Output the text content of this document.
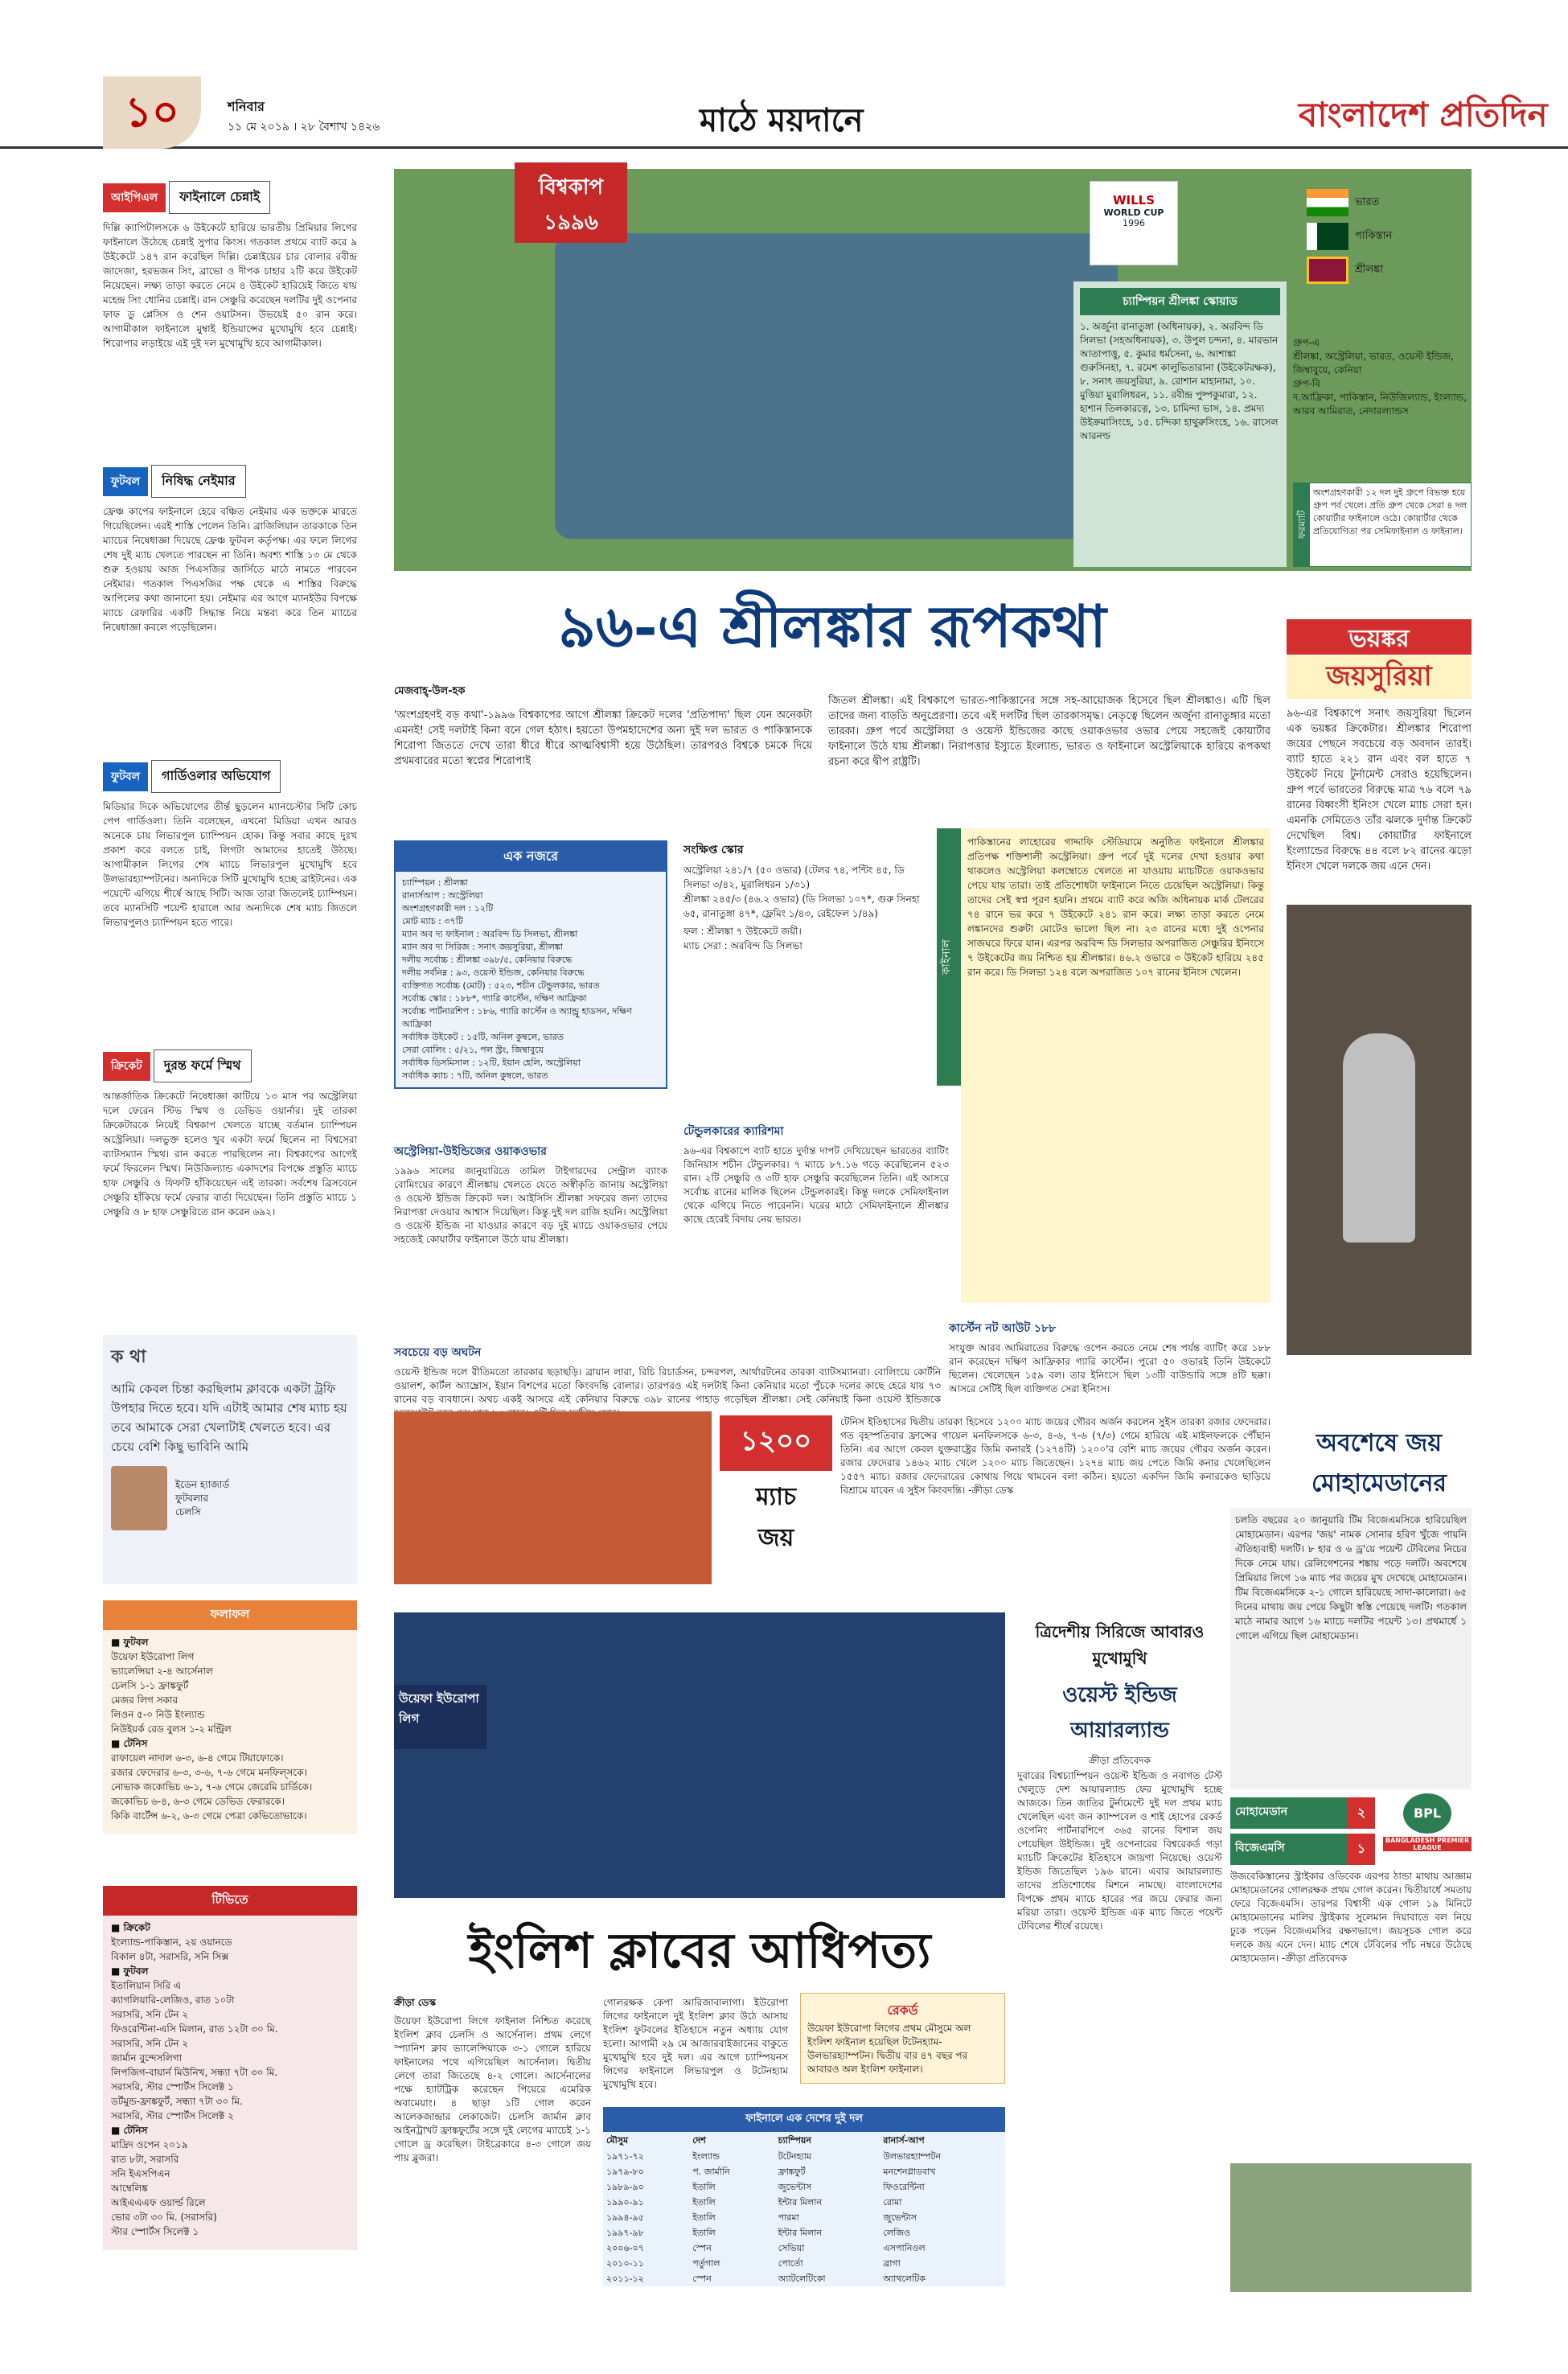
১০	শনিবার
১১ মে ২০১৯ । ২৮ বৈশাখ ১৪২৬	মাঠে ময়দানে	বাংলাদেশ প্রতিদিন
আইপিএল ফাইনালে চেন্নাই
দিল্লি ক্যাপিটালসকে ৬ উইকেটে হারিয়ে ভারতীয় প্রিমিয়ার লিগের ফাইনালে উঠেছে চেন্নাই সুপার কিংস। গতকাল প্রথমে ব্যাট করে ৯ উইকেটে ১৪৭ রান করেছিল দিল্লি। চেন্নাইয়ের চার বোলার রবীন্দ্র জাদেজা, হরভজন সিং, ব্রাভো ও দীপক চাহার ২টি করে উইকেট নিয়েছেন। লক্ষ্য তাড়া করতে নেমে ৪ উইকেট হারিয়েই জিতে যায় মহেন্দ্র সিং ধোনির চেন্নাই। রান সেঞ্চুরি করেছেন দলটির দুই ওপেনার ফাফ ডু প্লেসিস ও শেন ওয়াটসন। উভয়েই ৫০ রান করে। আগামীকাল ফাইনালে মুম্বাই ইন্ডিয়ান্সের মুখোমুখি হবে চেন্নাই। শিরোপার লড়াইয়ে এই দুই দল মুখোমুখি হবে আগামীকাল।
ফুটবল নিষিদ্ধ নেইমার
ফ্রেঞ্চ কাপের ফাইনালে হেরে বঞ্চিত নেইমার এক ভক্তকে মারতে গিয়েছিলেন। এরই শাস্তি পেলেন তিনি। ব্রাজিলিয়ান তারকাকে তিন ম্যাচের নিষেধাজ্ঞা দিয়েছে ফ্রেঞ্চ ফুটবল কর্তৃপক্ষ। এর ফলে লিগের শেষ দুই ম্যাচ খেলতে পারছেন না তিনি। অবশ্য শাস্তি ১৩ মে থেকে শুরু হওয়ায় আজ পিএসজির জার্সিতে মাঠে নামতে পারবেন নেইমার। গতকাল পিএসজির পক্ষ থেকে এ শাস্তির বিরুদ্ধে আপিলের কথা জানানো হয়। নেইমার এর আগে ম্যানইউর বিপক্ষে ম্যাচে রেফারির একটি সিদ্ধান্ত নিয়ে মন্তব্য করে তিন ম্যাচের নিষেধাজ্ঞা কবলে পড়েছিলেন।
ফুটবল গার্ডিওলার অভিযোগ
মিডিয়ার দিকে অভিযোগের তীর্ন্ত ছুড়লেন ম্যানচেস্টার সিটি কোচ পেপ গার্ডিওলা। তিনি বলেছেন, এখনো মিডিয়া এখন আরও অনেকে চায় লিভারপুল চ্যাম্পিয়ন হোক। কিন্তু সবার কাছে দুঃখ প্রকাশ করে বলতে চাই, লিগটা আমাদের হাতেই উঠছে। আগামীকাল লিগের শেষ ম্যাচে লিভারপুল মুখোমুখি হবে উলভারহ্যাম্পটনের। অন্যদিকে সিটি মুখোমুখি হচ্ছে ব্রাইটনের। এক পয়েন্টে এগিয়ে শীর্ষে আছে সিটি। আজ তারা জিতলেই চ্যাম্পিয়ন। তবে ম্যানসিটি পয়েন্ট হারালে আর অন্যদিকে শেষ ম্যাচ জিতলে লিভারপুলও চ্যাম্পিয়ন হতে পারে।
ক্রিকেট দুরন্ত ফর্মে স্মিথ
আন্তর্জাতিক ক্রিকেটে নিষেধাজ্ঞা কাটিয়ে ১৩ মাস পর অস্ট্রেলিয়া দলে ফেরেন স্টিভ স্মিথ ও ডেভিড ওয়ার্নার। দুই তারকা ক্রিকেটারকে নিয়েই বিশ্বকাপ খেলতে যাচ্ছে বর্তমান চ্যাম্পিয়ন অস্ট্রেলিয়া। দলভুক্ত হলেও খুব একটা ফর্মে ছিলেন না বিশ্বসেরা ব্যাটসম্যান স্মিথ। রান করতে পারছিলেন না। বিশ্বকাপের আগেই ফর্মে ফিরলেন স্মিথ। নিউজিল্যান্ড একাদশের বিপক্ষে প্রস্তুতি ম্যাচে হাফ সেঞ্চুরি ও ফিফটি হাঁকিয়েছেন এই তারকা। সর্বশেষ ব্রিসবেনে সেঞ্চুরি হাঁকিয়ে ফর্মে ফেরার বার্তা দিয়েছেন। তিনি প্রস্তুতি ম্যাচে ১ সেঞ্চুরি ও ৮ হাফ সেঞ্চুরিতে রান করেন ৬৯২।
ক থা
আমি কেবল চিন্তা করছিলাম ক্লাবকে একটা ট্রফি উপহার দিতে হবে। যদি এটাই আমার শেষ ম্যাচ হয় তবে আমাকে সেরা খেলাটাই খেলতে হবে। এর চেয়ে বেশি কিছু ভাবিনি আমি
ইডেন হ্যাজার্ড
ফুটবলার
চেলসি
ফলাফল
■ ফুটবল
উয়েফা ইউরোপা লিগ
ভ্যালেন্সিয়া ২-৪ আর্সেনাল
চেলসি ১-১ ফ্রাঙ্কফুর্ট
মেজর লিগ সকার
লিওন ৫-০ নিউ ইংল্যান্ড
নিউইয়র্ক রেড বুলস ১-২ মন্ট্রিল
■ টেনিস
রাফায়েল নাদাল ৬-৩, ৬-৪ গেমে টিয়াফোকে।
রজার ফেদেরার ৬-৩, ৩-৬, ৭-৬ গেমে মনফিল্সকে।
নোভাক জকোভিচ ৬-১, ৭-৬ গেমে জেরেমি চার্ডিকে।
জকোভিচ ৬-৪, ৬-৩ গেমে ডেভিড ফেরারকে।
কিকি বার্টেন্স ৬-২, ৬-৩ গেমে পেত্রা কেভিতোভাকে।
টিভিতে
■ ক্রিকেট
ইংল্যান্ড-পাকিস্তান, ২য় ওয়ানডে
বিকাল ৪টা, সরাসরি, সনি সিক্স
■ ফুটবল
ইতালিয়ান সিরি এ
ক্যাগলিয়ারি-লেজিও, রাত ১০টা
সরাসরি, সনি টেন ২
ফিওরেন্টিনা-এসি মিলান, রাত ১২টা ৩০ মি.
সরাসরি, সনি টেন ২
জার্মান বুন্দেসলিগা
লিপজিগ-বায়ার্ন মিউনিখ, সন্ধ্যা ৭টা ৩০ মি.
সরাসরি, স্টার স্পোর্টস সিলেক্ট ১
ডর্টমুন্ড-ফ্রাঙ্কফুর্ট, সন্ধ্যা ৭টা ৩০ মি.
সরাসরি, স্টার স্পোর্টস সিলেক্ট ২
■ টেনিস
মাদ্রিদ ওপেন ২০১৯
রাত ৮টা, সরাসরি
সনি ইএসপিএন
আম্বেলিঙ্ক
আইএএএফ ওয়ার্ল্ড রিলে
ভোর ৩টা ৩০ মি. (সরাসরি)
স্টার স্পোর্টস সিলেক্ট ১
বিশ্বকাপ
১৯৯৬
WILLS
WORLD CUP
1996
ভারত
পাকিস্তান
শ্রীলঙ্কা
চ্যাম্পিয়ন শ্রীলঙ্কা স্কোয়াড
১. অর্জুনা রানাতুঙ্গা (অধিনায়ক), ২. অরবিন্দ ডি সিলভা (সহঅধিনায়ক), ৩. উপুল চন্দনা, ৪. মারভান আতাপাত্তু, ৫. কুমার ধর্মসেনা, ৬. আশাঙ্কা গুরুসিনহা, ৭. রমেশ কালুভিতারানা (উইকেটরক্ষক), ৮. সনাৎ জয়সুরিয়া, ৯. রোশান মাহানামা, ১০. মুত্তিয়া মুরালিধরন, ১১. রবীন্দ্র পুষ্পকুমারা, ১২. হাশান তিলকারত্নে, ১৩. চামিন্দা ভাস, ১৪. প্রমদ্য উইক্রমাসিংহে, ১৫. চন্দিকা হাথুরুসিংহে, ১৬. রাসেল আরনল্ড
গ্রুপ-এ
শ্রীলঙ্কা, অস্ট্রেলিয়া, ভারত, ওয়েস্ট ইন্ডিজ, জিম্বাবুয়ে, কেনিয়া
গ্রুপ-বি
দ.আফ্রিকা, পাকিস্তান, নিউজিল্যান্ড, ইংল্যান্ড, আরব আমিরাত, নেদারল্যান্ডস
ফরম্যাট
অংশগ্রহণকারী ১২ দল দুই গ্রুপে বিভক্ত হয়ে গ্রুপ পর্ব খেলে। প্রতি গ্রুপ থেকে সেরা ৪ দল কোয়ার্টার ফাইনালে ওঠে। কোয়ার্টার থেকে প্রতিযোগিতা পর সেমিফাইনাল ও ফাইনাল।
৯৬-এ শ্রীলঙ্কার রূপকথা
মেজবাহ্-উল-হক
'অংশগ্রহণই বড় কথা'-১৯৯৬ বিশ্বকাপের আগে শ্রীলঙ্কা ক্রিকেট দলের 'প্রতিপাদ্য' ছিল যেন অনেকটা এমনই! সেই দলটাই কিনা বনে গেল হঠাৎ। হয়তো উপমহাদেশের অন্য দুই দল ভারত ও পাকিস্তানকে শিরোপা জিততে দেখে তারা ধীরে ধীরে আত্মবিশ্বাসী হয়ে উঠেছিল। তারপরও বিশ্বকে চমকে দিয়ে প্রথমবারের মতো স্বপ্নের শিরোপাই
জিতল শ্রীলঙ্কা। এই বিশ্বকাপে ভারত-পাকিস্তানের সঙ্গে সহ-আয়োজক হিসেবে ছিল শ্রীলঙ্কাও। এটি ছিল তাদের জন্য বাড়তি অনুপ্রেরণা। তবে এই দলটির ছিল তারকাসমৃদ্ধ। নেতৃত্বে ছিলেন অর্জুনা রানাতুঙ্গার মতো তারকা। গ্রুপ পর্বে অস্ট্রেলিয়া ও ওয়েস্ট ইন্ডিজের কাছে ওয়াকওভার ওভার পেয়ে সহজেই কোয়ার্টার ফাইনালে উঠে যায় শ্রীলঙ্কা। নিরাপত্তার ইস্যুতে ইংল্যান্ড, ভারত ও ফাইনালে অস্ট্রেলিয়াকে হারিয়ে রূপকথা রচনা করে দ্বীপ রাষ্ট্রটি।
ভয়ঙ্কর
জয়সুরিয়া
৯৬-এর বিশ্বকাপে সনাৎ জয়সুরিয়া ছিলেন এক ভয়ঙ্কর ক্রিকেটার। শ্রীলঙ্কার শিরোপা জয়ের পেছনে সবচেয়ে বড় অবদান তারই। ব্যাট হাতে ২২১ রান এবং বল হাতে ৭ উইকেট নিয়ে টুর্নামেন্ট সেরাও হয়েছিলেন। গ্রুপ পর্বে ভারতের বিরুদ্ধে মাত্র ৭৬ বলে ৭৯ রানের বিধ্বংসী ইনিংস খেলে ম্যাচ সেরা হন। এমনকি সেমিতেও তাঁর ঝলকে দুর্দান্ত ক্রিকেট দেখেছিল বিশ্ব। কোয়ার্টার ফাইনালে ইংল্যান্ডের বিরুদ্ধে ৪৪ বলে ৮২ রানের ঝড়ো ইনিংস খেলে দলকে জয় এনে দেন।
এক নজরে
চ্যাম্পিয়ন : শ্রীলঙ্কা
রানার্সআপ : অস্ট্রেলিয়া
অংশগ্রহণকারী দল : ১২টি
মোট ম্যাচ : ৩৭টি
ম্যান অব দ্য ফাইনাল : অরবিন্দ ডি সিলভা, শ্রীলঙ্কা
ম্যান অব দ্য সিরিজ : সনাৎ জয়সুরিয়া, শ্রীলঙ্কা
দলীয় সর্বোচ্চ : শ্রীলঙ্কা ৩৯৮/৫, কেনিয়ার বিরুদ্ধে
দলীয় সর্বনিম্ন : ৯৩, ওয়েস্ট ইন্ডিজ, কেনিয়ার বিরুদ্ধে
ব্যক্তিগত সর্বোচ্চ (মোট) : ৫২৩, শচীন টেন্ডুলকার, ভারত
সর্বোচ্চ স্কোর : ১৮৮*, গ্যারি কার্স্টেন, দক্ষিণ আফ্রিকা
সর্বোচ্চ পার্টনারশিপ : ১৮৬, গ্যারি কার্স্টেন ও অ্যান্ড্রু হাডসন, দক্ষিণ আফ্রিকা
সর্বাধিক উইকেট : ১৫টি, অনিল কুম্বলে, ভারত
সেরা বোলিং : ৫/২১, পল স্ট্রং, জিম্বাবুয়ে
সর্বাধিক ডিসমিসাল : ১২টি, ইয়ান হেলি, অস্ট্রেলিয়া
সর্বাধিক ক্যাচ : ৭টি, অনিল কুম্বলে, ভারত
সংক্ষিপ্ত স্কোর
অস্ট্রেলিয়া ২৪১/৭ (৫০ ওভার) (টেলর ৭৪, পন্টিং ৪৫, ডি সিলভা ৩/৪২, মুরালিধরন ১/৩১)
শ্রীলঙ্কা ২৪৫/৩ (৪৬.২ ওভার) (ডি সিলভা ১০৭*, গুরু সিনহা ৬৫, রানাতুঙ্গা ৪৭*, ফ্লেমিং ১/৪৩, রেইফেল ১/৪৯)
ফল : শ্রীলঙ্কা ৭ উইকেটে জয়ী।
ম্যাচ সেরা : অরবিন্দ ডি সিলভা	কাইনাল
পাকিস্তানের লাহোরের গাদ্দাফি স্টেডিয়ামে অনুষ্ঠিত ফাইনালে শ্রীলঙ্কার প্রতিপক্ষ শক্তিশালী অস্ট্রেলিয়া। গ্রুপ পর্বে দুই দলের দেখা হওয়ার কথা থাকলেও অস্ট্রেলিয়া কলম্বোতে খেলতে না যাওয়ায় ম্যাচটিতে ওয়াকওভার পেয়ে যায় তারা। তাই প্রতিশোধটা ফাইনালে নিতে চেয়েছিল অস্ট্রেলিয়া। কিন্তু তাদের সেই স্বপ্ন পূরণ হয়নি। প্রথমে ব্যাট করে অজি অধিনায়ক মার্ক টেলরের ৭৪ রানে ভর করে ৭ উইকেটে ২৪১ রান করে। লক্ষ্য তাড়া করতে নেমে লঙ্কানদের শুরুটা মোটেও ভালো ছিল না। ২৩ রানের মধ্যে দুই ওপেনার সাজঘরে ফিরে যান। এরপর অরবিন্দ ডি সিলভার অপরাজিত সেঞ্চুরির ইনিংসে ৭ উইকেটের জয় নিশ্চিত হয় শ্রীলঙ্কার। ৪৬.২ ওভারে ৩ উইকেট হারিয়ে ২৪৫ রান করে। ডি সিলভা ১২৪ বলে অপরাজিত ১০৭ রানের ইনিংস খেলেন।
টেন্ডুলকারের ক্যারিশমা
৯৬-এর বিশ্বকাপে ব্যাট হাতে দুর্দান্ত দাপট দেখিয়েছেন ভারতের ব্যাটিং জিনিয়াস শচীন টেন্ডুলকার। ৭ ম্যাচে ৮৭.১৬ গড়ে করেছিলেন ৫২৩ রান। ২টি সেঞ্চুরি ও ৩টি হাফ সেঞ্চুরি করেছিলেন তিনি। এই আসরে সর্বোচ্চ রানের মালিক ছিলেন টেন্ডুলকারই। কিন্তু দলকে সেমিফাইনাল থেকে এগিয়ে নিতে পারেননি। ঘরের মাঠে সেমিফাইনালে শ্রীলঙ্কার কাছে হেরেই বিদায় নেয় ভারত।
অস্ট্রেলিয়া-উইন্ডিজের ওয়াকওভার
১৯৯৬ সালের জানুয়ারিতে তামিল টাইগারদের সেন্ট্রাল ব্যাংক বোমিংয়ের কারণে শ্রীলঙ্কায় খেলতে যেতে অস্বীকৃতি জানায় অস্ট্রেলিয়া ও ওয়েস্ট ইন্ডিজ ক্রিকেট দল। আইসিসি শ্রীলঙ্কা সফরের জন্য তাদের নিরাপত্তা দেওয়ার আশ্বাস দিয়েছিল। কিন্তু দুই দল রাজি হয়নি। অস্ট্রেলিয়া ও ওয়েস্ট ইন্ডিজ না যাওয়ার কারণে বড় দুই ম্যাচে ওয়াকওভার পেয়ে সহজেই কোয়ার্টার ফাইনালে উঠে যায় শ্রীলঙ্কা।
কার্স্টেন নট আউট ১৮৮
সংযুক্ত আরব আমিরাতের বিরুদ্ধে ওপেন করতে নেমে শেষ পর্যন্ত ব্যাটিং করে ১৮৮ রান করেছেন দক্ষিণ আফ্রিকার গ্যারি কার্স্টেন। পুরো ৫০ ওভারই তিনি উইকেটে ছিলেন। খেলেছেন ১৫৯ বল। তার ইনিংসে ছিল ১৩টি বাউন্ডারি সঙ্গে ৪টি ছক্কা। আসরে সেটিই ছিল ব্যক্তিগত সেরা ইনিংস।
সবচেয়ে বড় অঘটন
ওয়েস্ট ইন্ডিজ দলে রীতিমতো তারকার ছড়াছড়ি। ব্রায়ান লারা, রিচি রিচার্ডসন, চন্দরপল, আর্থারটনের তারকা ব্যাটসম্যানরা। বোলিংয়ে কোর্টনি ওয়ালশ, কার্টল অ্যাম্ব্রোস, ইয়ান বিশপের মতো কিংবদন্তি বোলার। তারপরও এই দলটাই কিনা কেনিয়ার মতো পুঁচকে দলের কাছে হেরে যায় ৭৩ রানের বড় ব্যবধানে। অথচ একই আসরে এই কেনিয়ার বিরুদ্ধে ৩৯৮ রানের পাহাড় গড়েছিল শ্রীলঙ্কা। সেই কেনিয়াই কিনা ওয়েস্ট ইন্ডিজকে
১২০০
ম্যাচ
জয়
টেনিস ইতিহাসের দ্বিতীয় তারকা হিসেবে ১২০০ ম্যাচ জয়ের গৌরব অর্জন করলেন সুইস তারকা রজার ফেদেরার। গত বৃহস্পতিবার ফ্রান্সের গায়েল মনফিলসকে ৬-৩, ৪-৬, ৭-৬ (৭/৩) গেমে হারিয়ে এই মাইলফলকে পৌঁছান তিনি। এর আগে কেবল যুক্তরাষ্ট্রের জিমি কনারই (১২৭৪টি) ১২০০'র বেশি ম্যাচ জয়ের গৌরব অর্জন করেন। রজার ফেদেরার ১৪৬২ ম্যাচ খেলে ১২০০ ম্যাচ জিতেছেন। ১২৭৪ ম্যাচ জয় পেতে জিমি কনার খেলেছিলেন ১৫৫৭ ম্যাচ। রজার ফেদেরারের কোথায় গিয়ে থামবেন বলা কঠিন। হয়তো একদিন জিমি কনারকেও ছাড়িয়ে বিশ্রামে যাবেন এ সুইস কিংবদন্তি। -ক্রীড়া ডেস্ক
অবশেষে জয়
মোহামেডানের
চলতি বছরের ২০ জানুয়ারি টিম বিজেএমসিকে হারিয়েছিল মোহামেডান। এরপর 'জয়' নামক সোনার হরিণ খুঁজে পায়নি ঐতিহ্যবাহী দলটি। ৮ হার ও ৬ ড্র'য়ে পয়েন্ট টেবিলের নিচের দিকে নেমে যায়। রেলিগেশনের শঙ্কায় পড়ে দলটি। অবশেষে প্রিমিয়ার লিগে ১৬ ম্যাচ পর জয়ের মুখ দেখেছে মোহামেডান। টিম বিজেএমসিকে ২-১ গোলে হারিয়েছে সাদা-কালোরা। ৬৫ দিনের মাথায় জয় পেয়ে কিছুটা স্বস্তি পেয়েছে দলটি। গতকাল মাঠে নামার আগে ১৬ ম্যাচে দলটির পয়েন্ট ১৩। প্রথমার্ধে ১ গোলে এগিয়ে ছিল মোহামেডান।
মোহামেডান	২
বিজেএমসি	১
BPL
BANGLADESH PREMIER LEAGUE
উজবেকিস্তানের স্ট্রাইকার ওডিবেক এরপর ঠান্ডা মাথায় আজ্ঞাম মোহামেডানের গোলরক্ষক প্রথম গোল করেন। দ্বিতীয়ার্ধে সমতায় ফেরে বিজেএমসি। তারপর বিশ্বাসী এক গোল ১৯ মিনিটে মোহামেডানের মালির স্ট্রাইকার সুলেমান দিয়াবাতে বল নিয়ে ঢুকে পড়েন বিজেএমসির রক্ষণভাগে। জয়সূচক গোল করে দলকে জয় এনে দেন। ম্যাচ শেষে টেবিলের পাঁচ নম্বরে উঠেছে মোহামেডান। -ক্রীড়া প্রতিবেদক
উয়েফা ইউরোপা লিগ
ত্রিদেশীয় সিরিজে আবারও মুখোমুখি
ওয়েস্ট ইন্ডিজ আয়ারল্যান্ড
ক্রীড়া প্রতিবেদক
দুবারের বিশ্বচ্যাম্পিয়ন ওয়েস্ট ইন্ডিজ ও নবাগত টেস্ট খেলুড়ে দেশ আয়ারল্যান্ড ফের মুখোমুখি হচ্ছে আজকে। তিন জাতির টুর্নামেন্টে দুই দল প্রথম ম্যাচ খেলেছিল এবং জন ক্যাম্পবেল ও শাই হোপের রেকর্ড ওপেনিং পার্টনারশিপে ৩৬৫ রানের বিশাল জয় পেয়েছিল উইন্ডিজ। দুই ওপেনারের বিশ্বরেকর্ড গড়া ম্যাচটি ক্রিকেটের ইতিহাসে জায়গা নিয়েছে। ওয়েস্ট ইন্ডিজ জিতেছিল ১৯৬ রানে। এবার আয়ারল্যান্ড তাদের প্রতিশোধের মিশনে নামছে। বাংলাদেশের বিপক্ষে প্রথম ম্যাচে হারের পর জয়ে ফেরার জন্য মরিয়া তারা। ওয়েস্ট ইন্ডিজ এক ম্যাচ জিতে পয়েন্ট টেবিলের শীর্ষে রয়েছে।
ইংলিশ ক্লাবের আধিপত্য
ক্রীড়া ডেস্ক
উয়েফা ইউরোপা লিগে ফাইনাল নিশ্চিত করেছে ইংলিশ ক্লাব চেলসি ও আর্সেনাল। প্রথম লেগে স্প্যানিশ ক্লাব ভ্যালেন্সিয়াকে ৩-১ গোলে হারিয়ে ফাইনালের পথে এগিয়েছিল আর্সেনাল। দ্বিতীয় লেগে তারা জিতেছে ৪-২ গোলে। আর্সেনালের পক্ষে হ্যাটট্রিক করেছেন পিয়েরে এমেরিক অবামেয়াং। ৪ ছাড়া ১টি গোল করেন আলেকজান্দ্রার লেকাজেট। চেলসি জার্মান ক্লাব আইনট্রাখট ফ্রাঙ্কফুর্টের সঙ্গে দুই লেগের ম্যাচেই ১-১ গোলে ড্র করেছিল। টাইব্রেকারে ৪-৩ গোলে জয় পায় ব্লুজরা।
গোলরক্ষক কেপা আরিজাবালাগা। ইউরোপা লিগের ফাইনালে দুই ইংলিশ ক্লাব উঠে আসায় ইংলিশ ফুটবলের ইতিহাসে নতুন অধ্যায় যোগ হলো। আগামী ২৯ মে আজারবাইজানের বাকুতে মুখোমুখি হবে দুই দল। এর আগে চ্যাম্পিয়নস লিগের ফাইনালে লিভারপুল ও টটেনহ্যাম মুখোমুখি হবে।
রেকর্ড
উয়েফা ইউরোপা লিগের প্রথম মৌসুমে অল ইংলিশ ফাইনাল হয়েছিল টটেনহ্যাম-উলভারহ্যাম্পটন। দ্বিতীয় বার ৪৭ বছর পর আবারও অল ইংলিশ ফাইনাল।
ফাইনালে এক দেশের দুই দল
মৌসুম	দেশ	চ্যাম্পিয়ন	রানার্স-আপ
১৯৭১-৭২	ইংল্যান্ড	টটেনহ্যাম	উলভারহ্যাম্পটন
১৯৭৯-৮০	প. জার্মানি	ফ্রাঙ্কফুর্ট	মনশেনগ্লাডবাখ
১৯৮৯-৯০	ইতালি	জুভেন্টাস	ফিওরেন্টিনা
১৯৯০-৯১	ইতালি	ইন্টার মিলান	রোমা
১৯৯৪-৯৫	ইতালি	পারমা	জুভেন্টাস
১৯৯৭-৯৮	ইতালি	ইন্টার মিলান	লেজিও
২০০৬-০৭	স্পেন	সেভিয়া	এসপানিওল
২০১০-১১	পর্তুগাল	পোর্তো	ব্রাগা
২০১১-১২	স্পেন	অ্যাটলেটিকো	অ্যাথলেটিক
